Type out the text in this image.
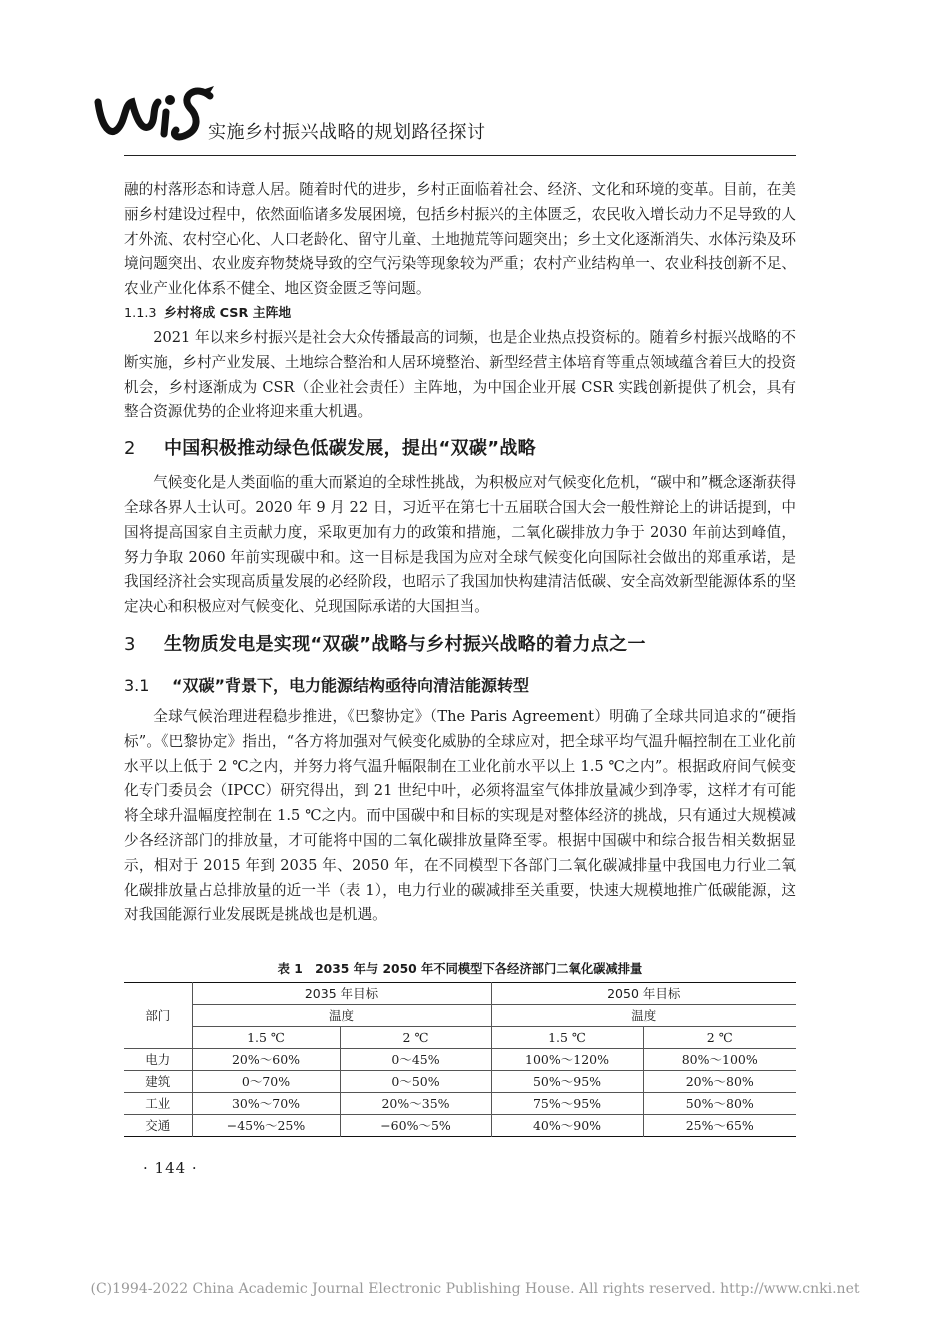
实施乡村振兴战略的规划路径探讨

融的村落形态和诗意人居。随着时代的进步，乡村正面临着社会、经济、文化和环境的变革。目前，在美丽乡村建设过程中，依然面临诸多发展困境，包括乡村振兴的主体匮乏，农民收入增长动力不足导致的人才外流、农村空心化、人口老龄化、留守儿童、土地抛荒等问题突出；乡土文化逐渐消失、水体污染及环境问题突出、农业废弃物焚烧导致的空气污染等现象较为严重；农村产业结构单一、农业科技创新不足、农业产业化体系不健全、地区资金匮乏等问题。

1.1.3 乡村将成 CSR 主阵地

2021 年以来乡村振兴是社会大众传播最高的词频，也是企业热点投资标的。随着乡村振兴战略的不断实施，乡村产业发展、土地综合整治和人居环境整治、新型经营主体培育等重点领域蕴含着巨大的投资机会，乡村逐渐成为 CSR（企业社会责任）主阵地，为中国企业开展 CSR 实践创新提供了机会，具有整合资源优势的企业将迎来重大机遇。

2 中国积极推动绿色低碳发展，提出“双碳”战略

气候变化是人类面临的重大而紧迫的全球性挑战，为积极应对气候变化危机，“碳中和”概念逐渐获得全球各界人士认可。2020 年 9 月 22 日，习近平在第七十五届联合国大会一般性辩论上的讲话提到，中国将提高国家自主贡献力度，采取更加有力的政策和措施，二氧化碳排放力争于 2030 年前达到峰值，努力争取 2060 年前实现碳中和。这一目标是我国为应对全球气候变化向国际社会做出的郑重承诺，是我国经济社会实现高质量发展的必经阶段，也昭示了我国加快构建清洁低碳、安全高效新型能源体系的坚定决心和积极应对气候变化、兑现国际承诺的大国担当。

3 生物质发电是实现“双碳”战略与乡村振兴战略的着力点之一
3.1 “双碳”背景下，电力能源结构亟待向清洁能源转型

全球气候治理进程稳步推进，《巴黎协定》（The Paris Agreement）明确了全球共同追求的“硬指标”。《巴黎协定》指出，“各方将加强对气候变化威胁的全球应对，把全球平均气温升幅控制在工业化前水平以上低于 2 ℃之内，并努力将气温升幅限制在工业化前水平以上 1.5 ℃之内”。根据政府间气候变化专门委员会（IPCC）研究得出，到 21 世纪中叶，必须将温室气体排放量减少到净零，这样才有可能将全球升温幅度控制在 1.5 ℃之内。而中国碳中和目标的实现是对整体经济的挑战，只有通过大规模减少各经济部门的排放量，才可能将中国的二氧化碳排放量降至零。根据中国碳中和综合报告相关数据显示，相对于 2015 年到 2035 年、2050 年，在不同模型下各部门二氧化碳减排量中我国电力行业二氧化碳排放量占总排放量的近一半（表 1），电力行业的碳减排至关重要，快速大规模地推广低碳能源，这对我国能源行业发展既是挑战也是机遇。

表 1　2035 年与 2050 年不同模型下各经济部门二氧化碳减排量
部门	2035 年目标		2050 年目标	
	温度		温度	
	1.5 ℃	2 ℃	1.5 ℃	2 ℃
电力	20%～60%	0～45%	100%～120%	80%～100%
建筑	0～70%	0～50%	50%～95%	20%～80%
工业	30%～70%	20%～35%	75%～95%	50%～80%
交通	−45%～25%	−60%～5%	40%～90%	25%～65%
· 144 ·
(C)1994-2022 China Academic Journal Electronic Publishing House. All rights reserved. http://www.cnki.net
